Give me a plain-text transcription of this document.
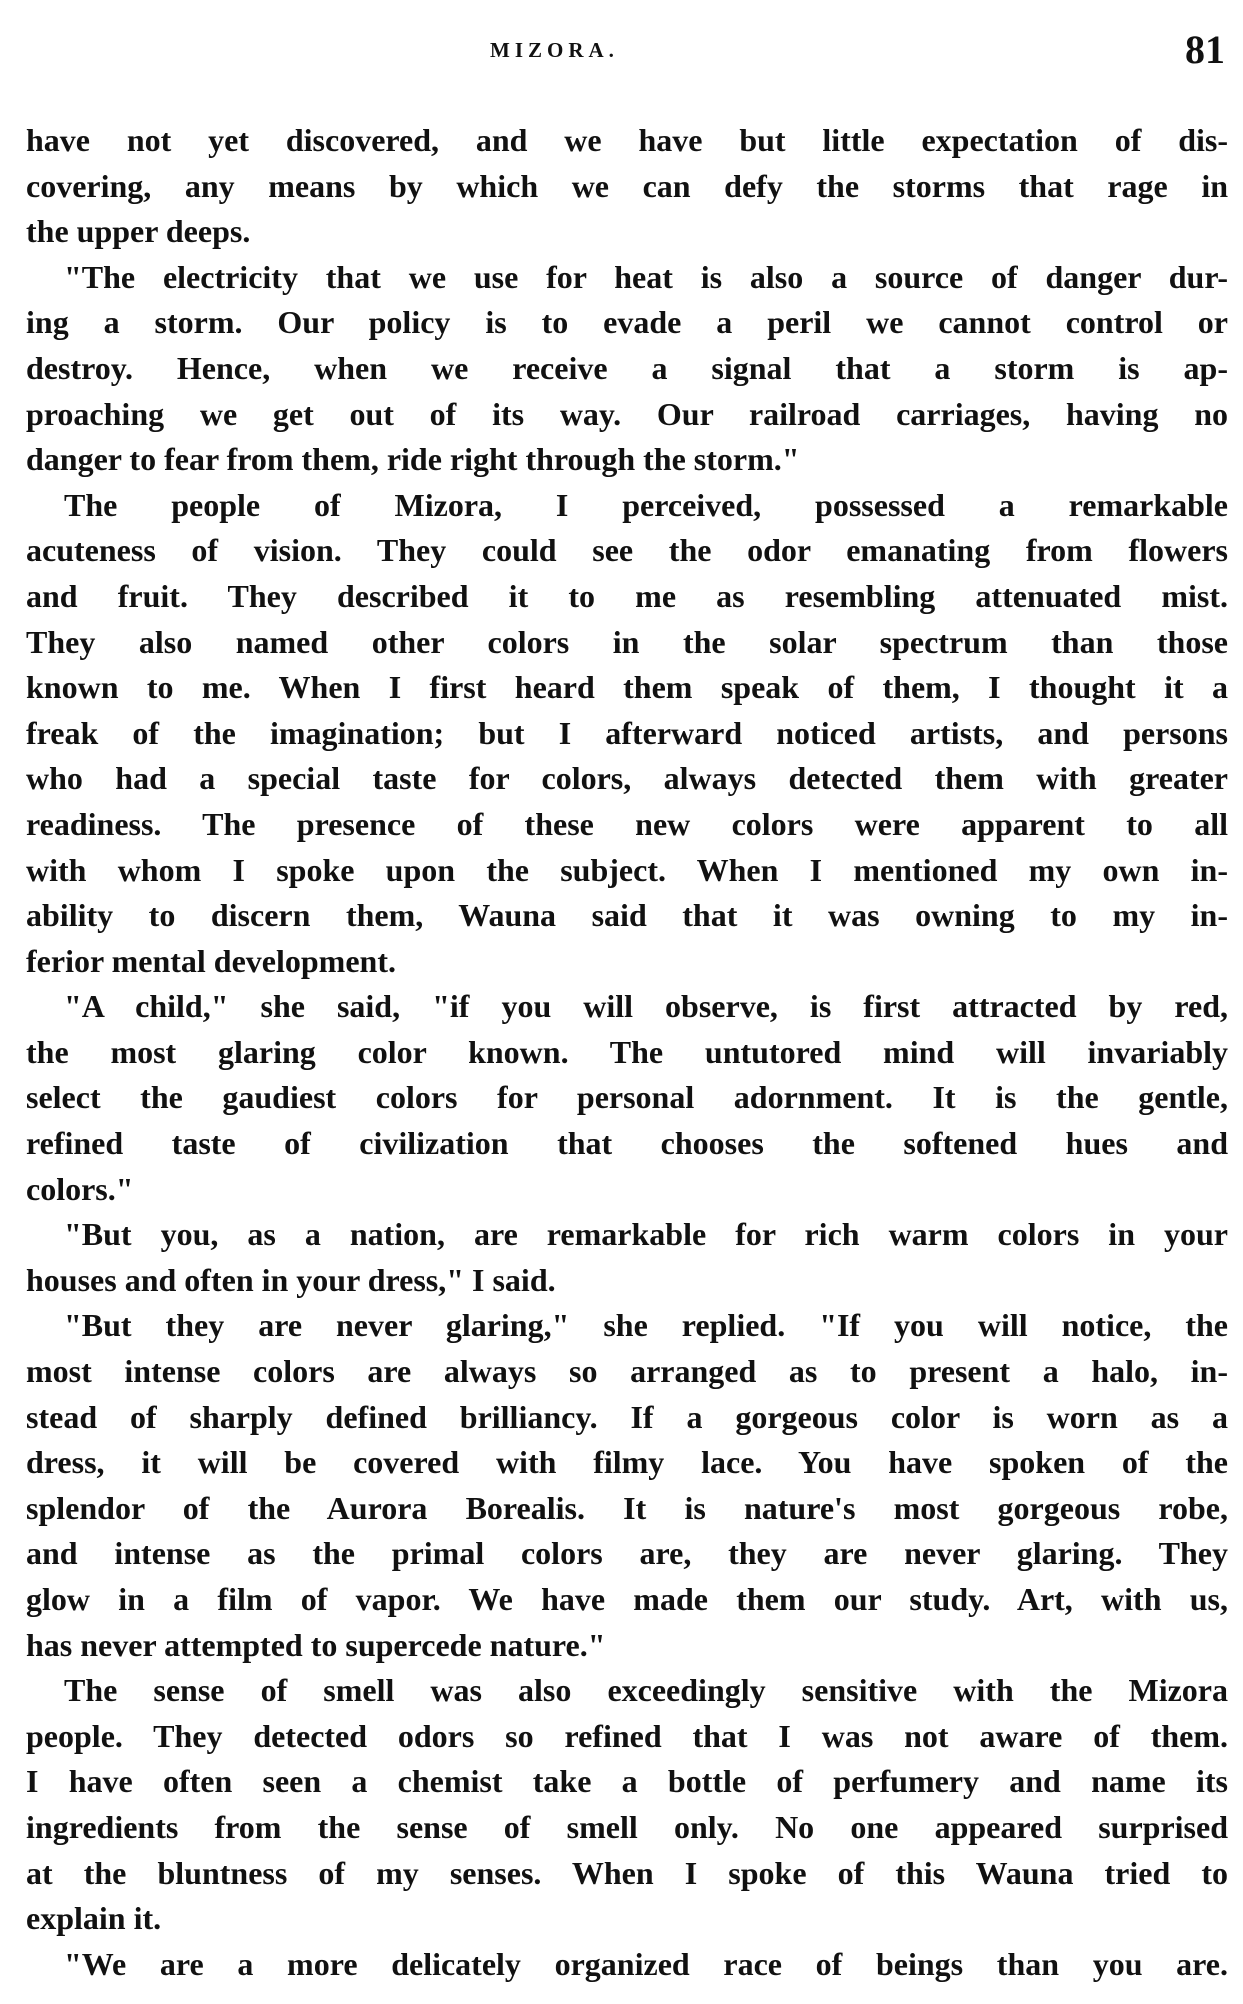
MIZORA.	81
have not yet discovered, and we have but little expectation of dis-
covering, any means by which we can defy the storms that rage in
the upper deeps.
"The electricity that we use for heat is also a source of danger dur-
ing a storm. Our policy is to evade a peril we cannot control or
destroy. Hence, when we receive a signal that a storm is ap-
proaching we get out of its way. Our railroad carriages, having no
danger to fear from them, ride right through the storm."
The people of Mizora, I perceived, possessed a remarkable
acuteness of vision. They could see the odor emanating from flowers
and fruit. They described it to me as resembling attenuated mist.
They also named other colors in the solar spectrum than those
known to me. When I first heard them speak of them, I thought it a
freak of the imagination; but I afterward noticed artists, and persons
who had a special taste for colors, always detected them with greater
readiness. The presence of these new colors were apparent to all
with whom I spoke upon the subject. When I mentioned my own in-
ability to discern them, Wauna said that it was owning to my in-
ferior mental development.
"A child," she said, "if you will observe, is first attracted by red,
the most glaring color known. The untutored mind will invariably
select the gaudiest colors for personal adornment. It is the gentle,
refined taste of civilization that chooses the softened hues and
colors."
"But you, as a nation, are remarkable for rich warm colors in your
houses and often in your dress," I said.
"But they are never glaring," she replied. "If you will notice, the
most intense colors are always so arranged as to present a halo, in-
stead of sharply defined brilliancy. If a gorgeous color is worn as a
dress, it will be covered with filmy lace. You have spoken of the
splendor of the Aurora Borealis. It is nature's most gorgeous robe,
and intense as the primal colors are, they are never glaring. They
glow in a film of vapor. We have made them our study. Art, with us,
has never attempted to supercede nature."
The sense of smell was also exceedingly sensitive with the Mizora
people. They detected odors so refined that I was not aware of them.
I have often seen a chemist take a bottle of perfumery and name its
ingredients from the sense of smell only. No one appeared surprised
at the bluntness of my senses. When I spoke of this Wauna tried to
explain it.
"We are a more delicately organized race of beings than you are.
